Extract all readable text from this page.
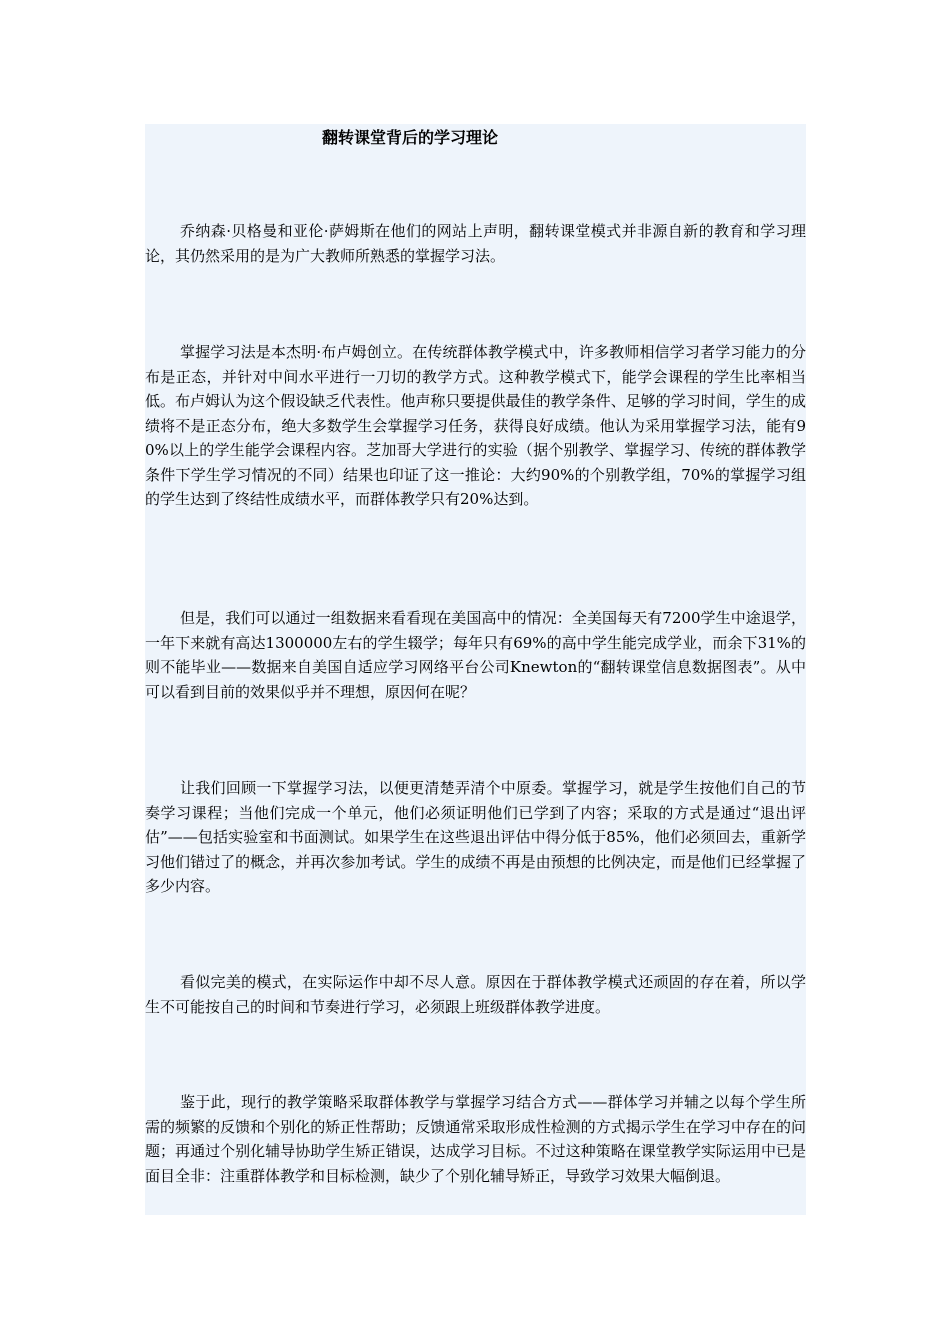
翻转课堂背后的学习理论

乔纳森·贝格曼和亚伦·萨姆斯在他们的网站上声明，翻转课堂模式并非源自新的教育和学习理论，其仍然采用的是为广大教师所熟悉的掌握学习法。

掌握学习法是本杰明·布卢姆创立。在传统群体教学模式中，许多教师相信学习者学习能力的分布是正态，并针对中间水平进行一刀切的教学方式。这种教学模式下，能学会课程的学生比率相当低。布卢姆认为这个假设缺乏代表性。他声称只要提供最佳的教学条件、足够的学习时间，学生的成绩将不是正态分布，绝大多数学生会掌握学习任务，获得良好成绩。他认为采用掌握学习法，能有90%以上的学生能学会课程内容。芝加哥大学进行的实验（据个别教学、掌握学习、传统的群体教学条件下学生学习情况的不同）结果也印证了这一推论：大约90%的个别教学组，70%的掌握学习组的学生达到了终结性成绩水平，而群体教学只有20%达到。

但是，我们可以通过一组数据来看看现在美国高中的情况：全美国每天有7200学生中途退学，一年下来就有高达1300000左右的学生辍学；每年只有69%的高中学生能完成学业，而余下31%的则不能毕业——数据来自美国自适应学习网络平台公司Knewton的“翻转课堂信息数据图表”。从中可以看到目前的效果似乎并不理想，原因何在呢？

让我们回顾一下掌握学习法，以便更清楚弄清个中原委。掌握学习，就是学生按他们自己的节奏学习课程；当他们完成一个单元，他们必须证明他们已学到了内容；采取的方式是通过“退出评估”——包括实验室和书面测试。如果学生在这些退出评估中得分低于85%，他们必须回去，重新学习他们错过了的概念，并再次参加考试。学生的成绩不再是由预想的比例决定，而是他们已经掌握了多少内容。

看似完美的模式，在实际运作中却不尽人意。原因在于群体教学模式还顽固的存在着，所以学生不可能按自己的时间和节奏进行学习，必须跟上班级群体教学进度。

鉴于此，现行的教学策略采取群体教学与掌握学习结合方式——群体学习并辅之以每个学生所需的频繁的反馈和个别化的矫正性帮助；反馈通常采取形成性检测的方式揭示学生在学习中存在的问题；再通过个别化辅导协助学生矫正错误，达成学习目标。不过这种策略在课堂教学实际运用中已是面目全非：注重群体教学和目标检测，缺少了个别化辅导矫正，导致学习效果大幅倒退。
